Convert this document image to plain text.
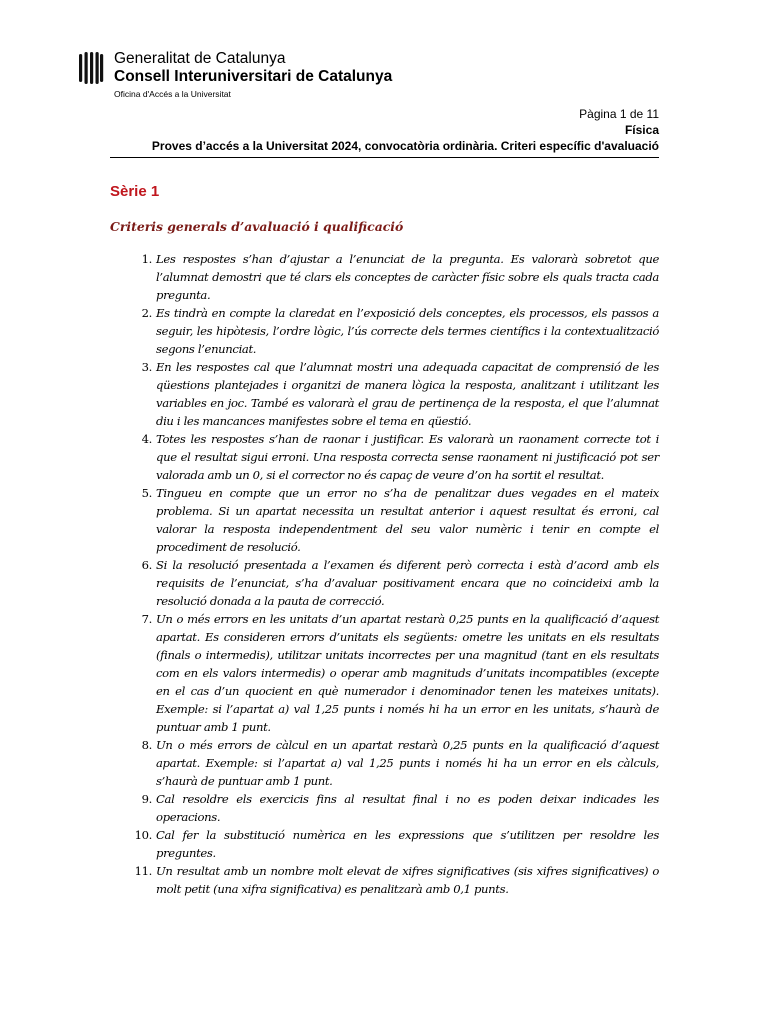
Generalitat de Catalunya
Consell Interuniversitari de Catalunya
Oficina d'Accés a la Universitat
Pàgina 1 de 11
Física
Proves d’accés a la Universitat 2024, convocatòria ordinària. Criteri específic d'avaluació
Sèrie 1
Criteris generals d’avaluació i qualificació
1. Les respostes s’han d’ajustar a l’enunciat de la pregunta. Es valorarà sobretot que l’alumnat demostri que té clars els conceptes de caràcter físic sobre els quals tracta cada pregunta.
2. Es tindrà en compte la claredat en l’exposició dels conceptes, els processos, els passos a seguir, les hipòtesis, l’ordre lògic, l’ús correcte dels termes científics i la contextualització segons l’enunciat.
3. En les respostes cal que l’alumnat mostri una adequada capacitat de comprensió de les qüestions plantejades i organitzi de manera lògica la resposta, analitzant i utilitzant les variables en joc. També es valorarà el grau de pertinença de la resposta, el que l’alumnat diu i les mancances manifestes sobre el tema en qüestió.
4. Totes les respostes s’han de raonar i justificar. Es valorarà un raonament correcte tot i que el resultat sigui erroni. Una resposta correcta sense raonament ni justificació pot ser valorada amb un 0, si el corrector no és capaç de veure d’on ha sortit el resultat.
5. Tingueu en compte que un error no s’ha de penalitzar dues vegades en el mateix problema. Si un apartat necessita un resultat anterior i aquest resultat és erroni, cal valorar la resposta independentment del seu valor numèric i tenir en compte el procediment de resolució.
6. Si la resolució presentada a l’examen és diferent però correcta i està d’acord amb els requisits de l’enunciat, s’ha d’avaluar positivament encara que no coincideixi amb la resolució donada a la pauta de correcció.
7. Un o més errors en les unitats d’un apartat restarà 0,25 punts en la qualificació d’aquest apartat. Es consideren errors d’unitats els següents: ometre les unitats en els resultats (finals o intermedis), utilitzar unitats incorrectes per una magnitud (tant en els resultats com en els valors intermedis) o operar amb magnituds d’unitats incompatibles (excepte en el cas d’un quocient en què numerador i denominador tenen les mateixes unitats). Exemple: si l’apartat a) val 1,25 punts i només hi ha un error en les unitats, s’haurà de puntuar amb 1 punt.
8. Un o més errors de càlcul en un apartat restarà 0,25 punts en la qualificació d’aquest apartat. Exemple: si l’apartat a) val 1,25 punts i només hi ha un error en els càlculs, s’haurà de puntuar amb 1 punt.
9. Cal resoldre els exercicis fins al resultat final i no es poden deixar indicades les operacions.
10. Cal fer la substitució numèrica en les expressions que s’utilitzen per resoldre les preguntes.
11. Un resultat amb un nombre molt elevat de xifres significatives (sis xifres significatives) o molt petit (una xifra significativa) es penalitzarà amb 0,1 punts.
